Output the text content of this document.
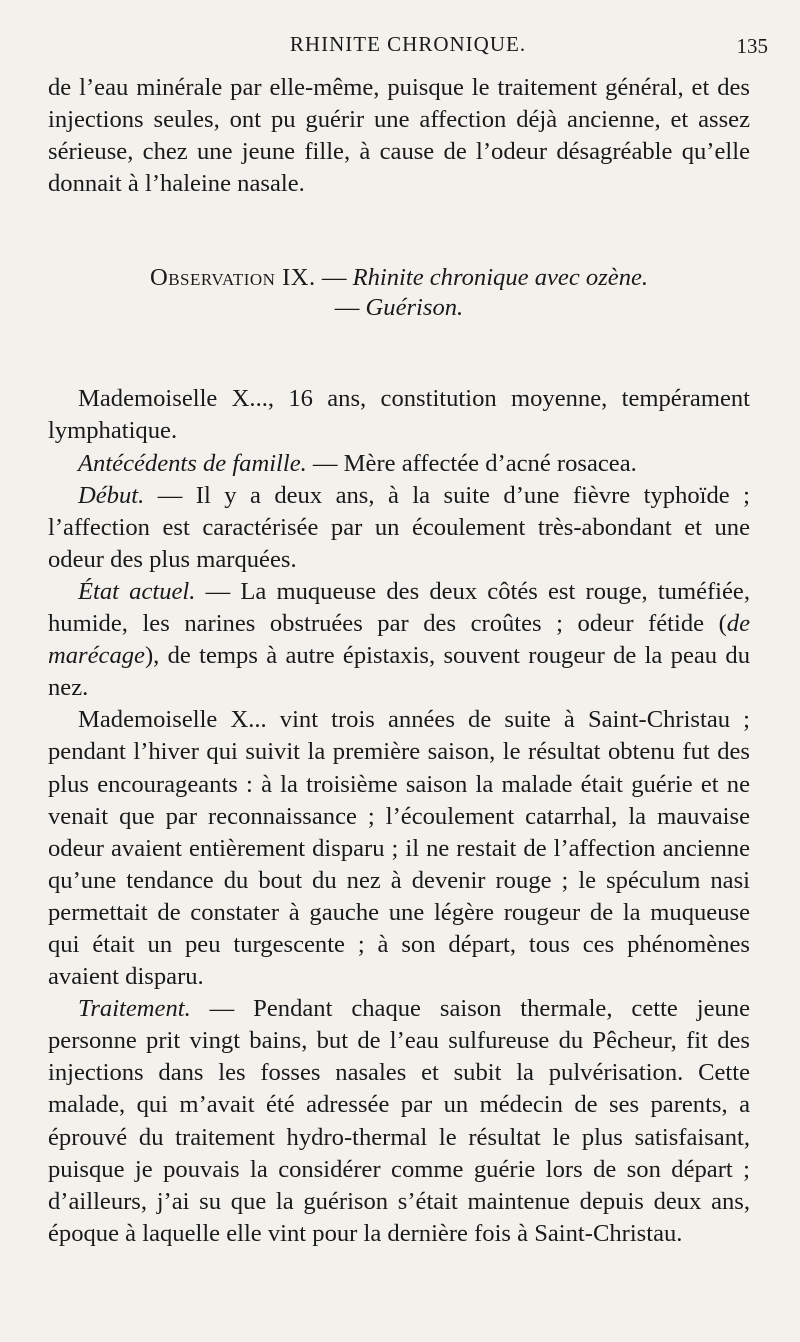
RHINITE CHRONIQUE.	135

de l’eau minérale par elle-même, puisque le traitement général, et des injections seules, ont pu guérir une affection déjà ancienne, et assez sérieuse, chez une jeune fille, à cause de l’odeur désagréable qu’elle donnait à l’haleine nasale.

Observation IX. — Rhinite chronique avec ozène.
— Guérison.

Mademoiselle X..., 16 ans, constitution moyenne, tempérament lymphatique.

Antécédents de famille. — Mère affectée d’acné rosacea.

Début. — Il y a deux ans, à la suite d’une fièvre typhoïde ; l’affection est caractérisée par un écoulement très-abondant et une odeur des plus marquées.

État actuel. — La muqueuse des deux côtés est rouge, tuméfiée, humide, les narines obstruées par des croûtes ; odeur fétide (de marécage), de temps à autre épistaxis, souvent rougeur de la peau du nez.

Mademoiselle X... vint trois années de suite à Saint-Christau ; pendant l’hiver qui suivit la première saison, le résultat obtenu fut des plus encourageants : à la troisième saison la malade était guérie et ne venait que par reconnaissance ; l’écoulement catarrhal, la mauvaise odeur avaient entièrement disparu ; il ne restait de l’affection ancienne qu’une tendance du bout du nez à devenir rouge ; le spéculum nasi permettait de constater à gauche une légère rougeur de la muqueuse qui était un peu turgescente ; à son départ, tous ces phénomènes avaient disparu.

Traitement. — Pendant chaque saison thermale, cette jeune personne prit vingt bains, but de l’eau sulfureuse du Pêcheur, fit des injections dans les fosses nasales et subit la pulvérisation. Cette malade, qui m’avait été adressée par un médecin de ses parents, a éprouvé du traitement hydro-thermal le résultat le plus satisfaisant, puisque je pouvais la considérer comme guérie lors de son départ ; d’ailleurs, j’ai su que la guérison s’était maintenue depuis deux ans, époque à laquelle elle vint pour la dernière fois à Saint-Christau.
